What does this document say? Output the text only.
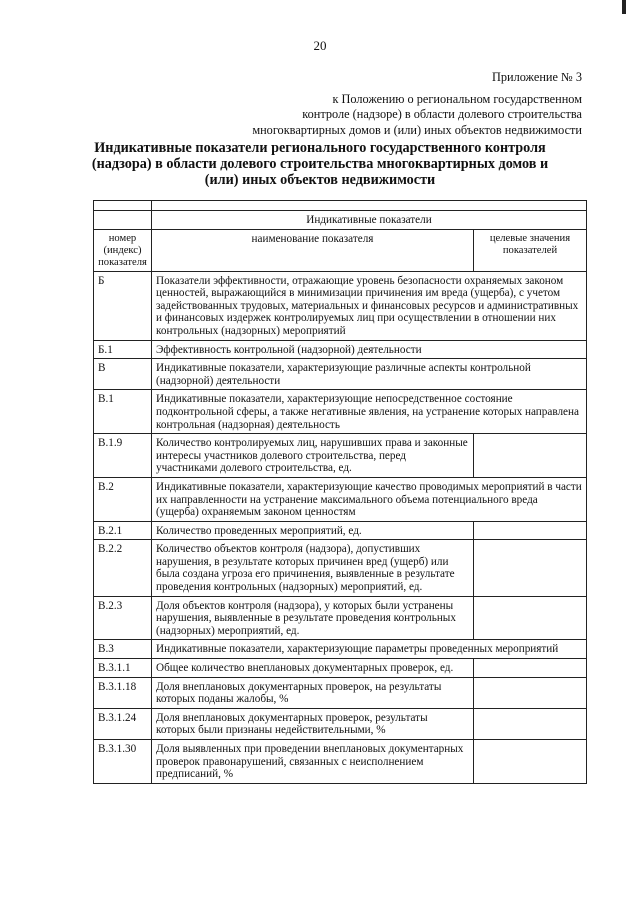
20
Приложение № 3
к Положению о региональном государственном
контроле (надзоре) в области долевого строительства
многоквартирных домов и (или) иных объектов недвижимости
Индикативные показатели регионального государственного контроля
(надзора) в области долевого строительства многоквартирных домов и
(или) иных объектов недвижимости

	Индикативные показатели	
номер (индекс) показателя	наименование показателя	целевые значения показателей
Б	Показатели эффективности, отражающие уровень безопасности охраняемых законом ценностей, выражающийся в минимизации причинения им вреда (ущерба), с учетом задействованных трудовых, материальных и финансовых ресурсов и административных и финансовых издержек контролируемых лиц при осуществлении в отношении них контрольных (надзорных) мероприятий	
Б.1	Эффективность контрольной (надзорной) деятельности	
В	Индикативные показатели, характеризующие различные аспекты контрольной (надзорной) деятельности	
В.1	Индикативные показатели, характеризующие непосредственное состояние подконтрольной сферы, а также негативные явления, на устранение которых направлена контрольная (надзорная) деятельность	
В.1.9	Количество контролируемых лиц, нарушивших права и законные интересы участников долевого строительства, перед участниками долевого строительства, ед.	
В.2	Индикативные показатели, характеризующие качество проводимых мероприятий в части их направленности на устранение максимального объема потенциального вреда (ущерба) охраняемым законом ценностям	
В.2.1	Количество проведенных мероприятий, ед.	
В.2.2	Количество объектов контроля (надзора), допустивших нарушения, в результате которых причинен вред (ущерб) или была создана угроза его причинения, выявленные в результате проведения контрольных (надзорных) мероприятий, ед.	
В.2.3	Доля объектов контроля (надзора), у которых были устранены нарушения, выявленные в результате проведения контрольных (надзорных) мероприятий, ед.	
В.3	Индикативные показатели, характеризующие параметры проведенных мероприятий	
В.3.1.1	Общее количество внеплановых документарных проверок, ед.	
В.3.1.18	Доля внеплановых документарных проверок, на результаты которых поданы жалобы, %	
В.3.1.24	Доля внеплановых документарных проверок, результаты которых были признаны недействительными, %	
В.3.1.30	Доля выявленных при проведении внеплановых документарных проверок правонарушений, связанных с неисполнением предписаний, %	
